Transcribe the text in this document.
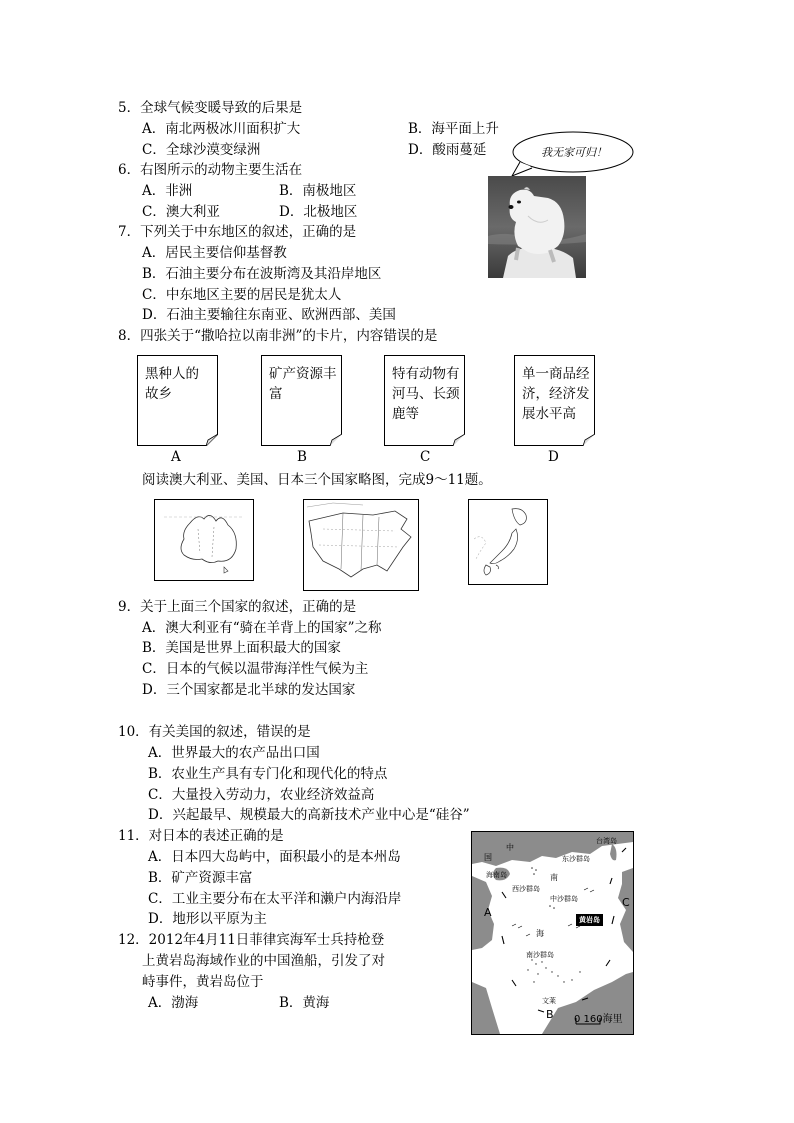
5．全球气候变暖导致的后果是
A．南北两极冰川面积扩大	B．海平面上升
C．全球沙漠变绿洲	D．酸雨蔓延	我无家可归！
6．右图所示的动物主要生活在
A．非洲	B．南极地区
C．澳大利亚	D．北极地区
7．下列关于中东地区的叙述，正确的是
A．居民主要信仰基督教
B．石油主要分布在波斯湾及其沿岸地区
C．中东地区主要的居民是犹太人
D．石油主要输往东南亚、欧洲西部、美国
8．四张关于“撒哈拉以南非洲”的卡片，内容错误的是
黑种人的
故乡
A
矿产资源丰
富
B
特有动物有
河马、长颈
鹿等
C
单一商品经
济，经济发
展水平高
D
阅读澳大利亚、美国、日本三个国家略图，完成9～11题。
9．关于上面三个国家的叙述，正确的是
A．澳大利亚有“骑在羊背上的国家”之称
B．美国是世界上面积最大的国家
C．日本的气候以温带海洋性气候为主
D．三个国家都是北半球的发达国家
10．有关美国的叙述，错误的是
A．世界最大的农产品出口国
B．农业生产具有专门化和现代化的特点
C．大量投入劳动力，农业经济效益高
D．兴起最早、规模最大的高新技术产业中心是“硅谷”
11．对日本的表述正确的是
A．日本四大岛屿中，面积最小的是本州岛
B．矿产资源丰富
C．工业主要分布在太平洋和濑户内海沿岸
D．地形以平原为主
12．2012年4月11日菲律宾海军士兵持枪登
上黄岩岛海域作业的中国渔船，引发了对
峙事件，黄岩岛位于
A．渤海	B．黄海
中
国
台湾岛
东沙群岛
海南岛
西沙群岛
南
中沙群岛
海
南沙群岛
黄岩岛
文莱
A
B
C
0 160海里
